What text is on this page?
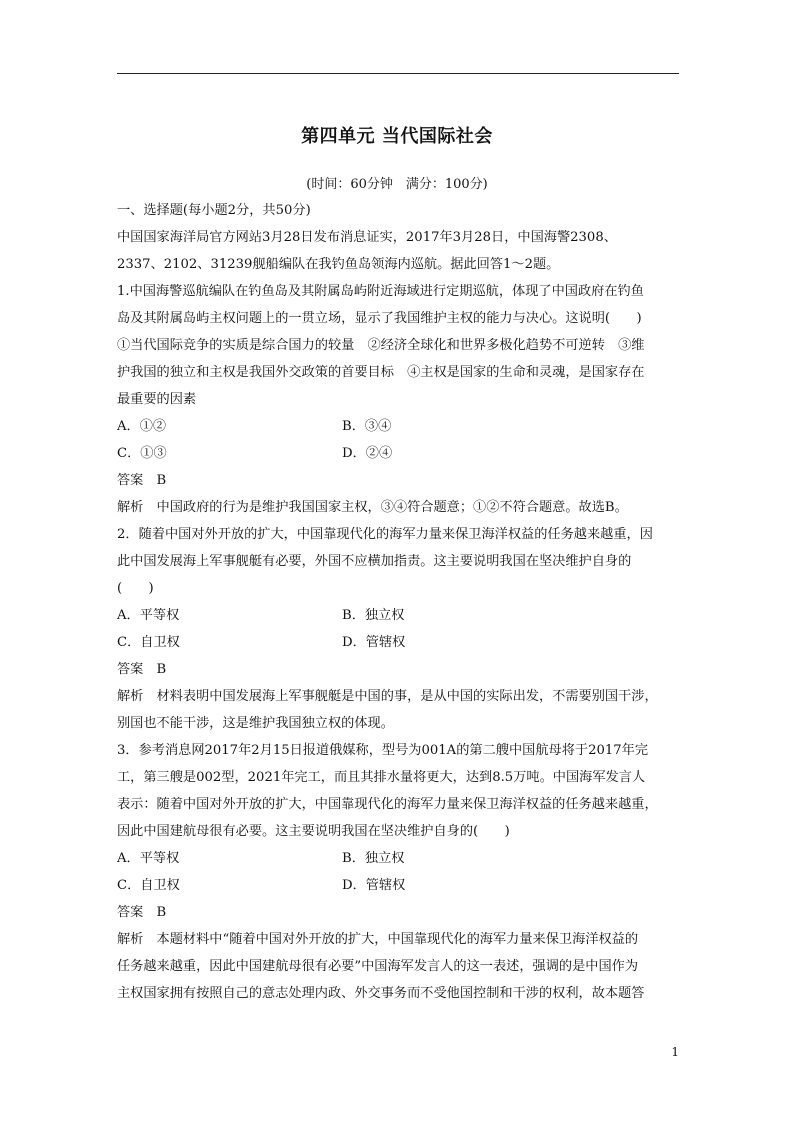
第四单元 当代国际社会
(时间：60分钟　满分：100分)
一、选择题(每小题2分，共50分)
中国国家海洋局官方网站3月28日发布消息证实，2017年3月28日，中国海警2308、
2337、2102、31239舰船编队在我钓鱼岛领海内巡航。据此回答1～2题。
1.中国海警巡航编队在钓鱼岛及其附属岛屿附近海域进行定期巡航，体现了中国政府在钓鱼
岛及其附属岛屿主权问题上的一贯立场，显示了我国维护主权的能力与决心。这说明(　　)
①当代国际竞争的实质是综合国力的较量　②经济全球化和世界多极化趋势不可逆转　③维
护我国的独立和主权是我国外交政策的首要目标　④主权是国家的生命和灵魂，是国家存在
最重要的因素
A．①②	B．③④
C．①③	D．②④
答案　B
解析　中国政府的行为是维护我国国家主权，③④符合题意；①②不符合题意。故选B。
2．随着中国对外开放的扩大，中国靠现代化的海军力量来保卫海洋权益的任务越来越重，因
此中国发展海上军事舰艇有必要，外国不应横加指责。这主要说明我国在坚决维护自身的
(　　)
A．平等权	B．独立权
C．自卫权	D．管辖权
答案　B
解析　材料表明中国发展海上军事舰艇是中国的事，是从中国的实际出发，不需要别国干涉，
别国也不能干涉，这是维护我国独立权的体现。
3．参考消息网2017年2月15日报道俄媒称，型号为001A的第二艘中国航母将于2017年完
工，第三艘是002型，2021年完工，而且其排水量将更大，达到8.5万吨。中国海军发言人
表示：随着中国对外开放的扩大，中国靠现代化的海军力量来保卫海洋权益的任务越来越重，
因此中国建航母很有必要。这主要说明我国在坚决维护自身的(　　)
A．平等权	B．独立权
C．自卫权	D．管辖权
答案　B
解析　本题材料中“随着中国对外开放的扩大，中国靠现代化的海军力量来保卫海洋权益的
任务越来越重，因此中国建航母很有必要”中国海军发言人的这一表述，强调的是中国作为
主权国家拥有按照自己的意志处理内政、外交事务而不受他国控制和干涉的权利，故本题答
1
